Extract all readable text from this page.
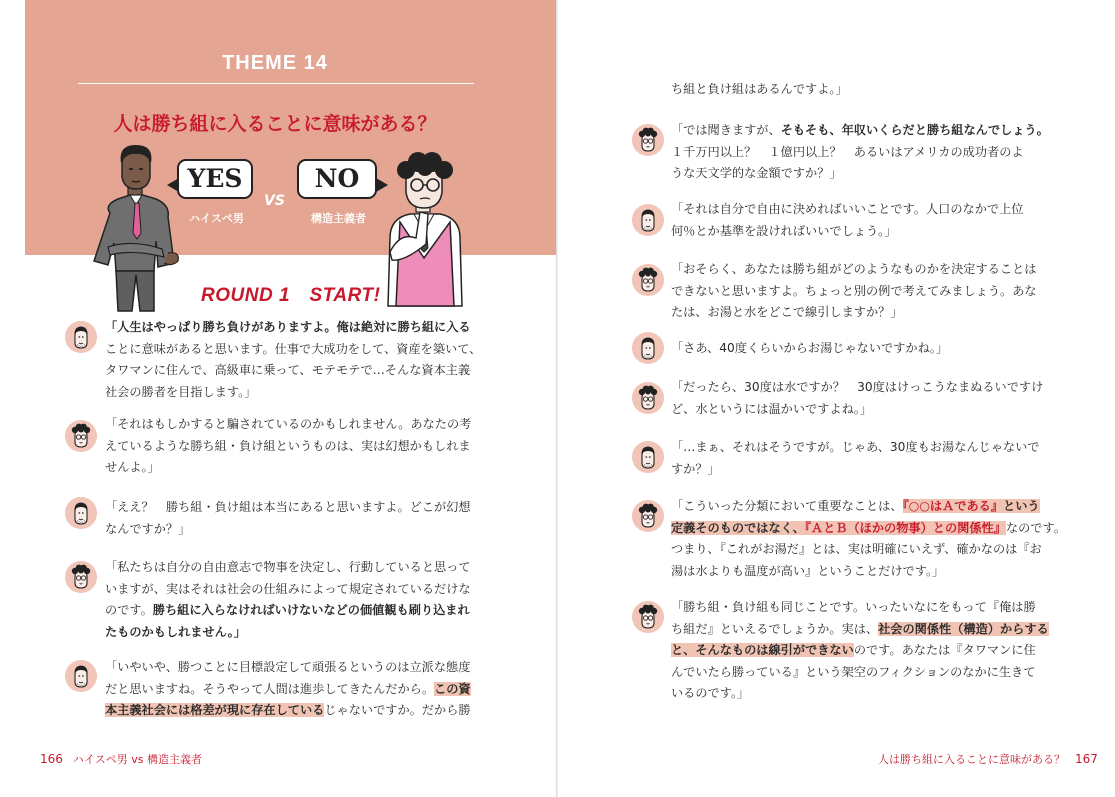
THEME 14
人は勝ち組に入ることに意味がある？
YES	NO
VS
ハイスペ男	構造主義者
ROUND 1　START!

「人生はやっぱり勝ち負けがありますよ。俺は絶対に勝ち組に入る

ことに意味があると思います。仕事で大成功をして、資産を築いて、

タワマンに住んで、高級車に乗って、モテモテで…そんな資本主義

社会の勝者を目指します。」

「それはもしかすると騙されているのかもしれません。あなたの考

えているような勝ち組・負け組というものは、実は幻想かもしれま

せんよ。」

「ええ？　勝ち組・負け組は本当にあると思いますよ。どこが幻想

なんですか？」

「私たちは自分の自由意志で物事を決定し、行動していると思って

いますが、実はそれは社会の仕組みによって規定されているだけな

のです。勝ち組に入らなければいけないなどの価値観も刷り込まれ

たものかもしれません。」

「いやいや、勝つことに目標設定して頑張るというのは立派な態度

だと思いますね。そうやって人間は進歩してきたんだから。この資

本主義社会には格差が現に存在しているじゃないですか。だから勝

166 ハイスペ男 vs 構造主義者

ち組と負け組はあるんですよ。」

「では聞きますが、そもそも、年収いくらだと勝ち組なんでしょう。

１千万円以上？　１億円以上？　あるいはアメリカの成功者のよ

うな天文学的な金額ですか？」

「それは自分で自由に決めればいいことです。人口のなかで上位

何％とか基準を設ければいいでしょう。」

「おそらく、あなたは勝ち組がどのようなものかを決定することは

できないと思いますよ。ちょっと別の例で考えてみましょう。あな

たは、お湯と水をどこで線引しますか？」

「さあ、40度くらいからお湯じゃないですかね。」

「だったら、30度は水ですか？　30度はけっこうなまぬるいですけ

ど、水というには温かいですよね。」

「…まぁ、それはそうですが。じゃあ、30度もお湯なんじゃないで

すか？」

「こういった分類において重要なことは、『○○はＡである』という

定義そのものではなく、『ＡとＢ（ほかの物事）との関係性』なのです。

つまり、『これがお湯だ』とは、実は明確にいえず、確かなのは『お

湯は水よりも温度が高い』ということだけです。」

「勝ち組・負け組も同じことです。いったいなにをもって『俺は勝

ち組だ』といえるでしょうか。実は、社会の関係性（構造）からする

と、そんなものは線引ができないのです。あなたは『タワマンに住

んでいたら勝っている』という架空のフィクションのなかに生きて

いるのです。」

人は勝ち組に入ることに意味がある？ 167
